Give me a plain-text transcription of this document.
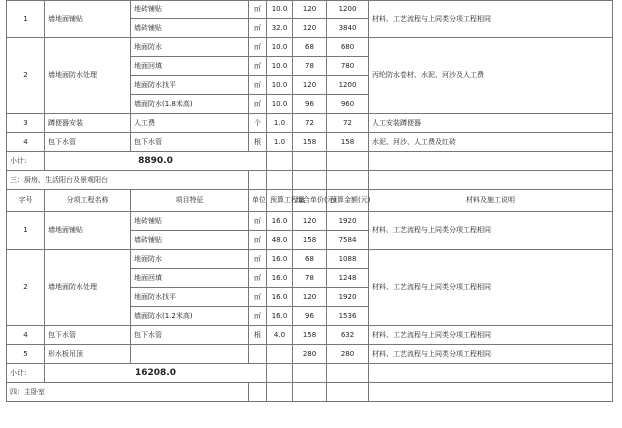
1	墙地面铺贴	地砖铺贴	㎡	10.0	120	1200	材料、工艺流程与上同类分项工程相同
		墙砖铺贴	㎡	32.0	120	3840	
2	墙地面防水处理	地面防水	㎡	10.0	68	680	丙纶防水卷材、水泥、河沙及人工费
		地面回填	㎡	10.0	78	780	
		地面防水找平	㎡	10.0	120	1200	
		墙面防水(1.8米高)	㎡	10.0	96	960	
3	蹲便器安装	人工费	个	1.0	72	72	人工安装蹲便器
4	包下水管	包下水管	根	1.0	158	158	水泥、河沙、人工费及红砖
小计:	8890.0						
三：厨房、生活阳台及景观阳台							
字号	分项工程名称	项目特征	单位	预算工程量	综合单价(元)	预算金额(元)	材料及施工说明
1	墙地面铺贴	地砖铺贴	㎡	16.0	120	1920	材料、工艺流程与上同类分项工程相同
		墙砖铺贴	㎡	48.0	158	7584	
2	墙地面防水处理	地面防水	㎡	16.0	68	1088	材料、工艺流程与上同类分项工程相同
		地面回填	㎡	16.0	78	1248	
		地面防水找平	㎡	16.0	120	1920	
		墙面防水(1.2米高)	㎡	16.0	96	1536	
4	包下水管	包下水管	根	4.0	158	632	材料、工艺流程与上同类分项工程相同
5	形水板吊顶				280	280	材料、工艺流程与上同类分项工程相同
小计:	16208.0						
四：主卧室							
